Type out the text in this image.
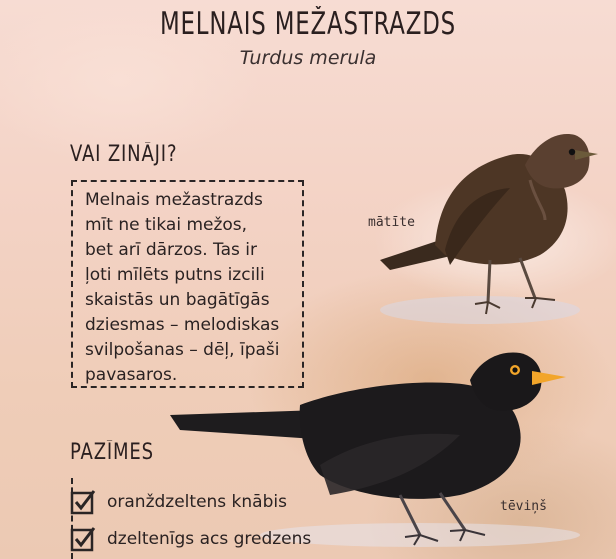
MELNAIS MEŽASTRAZDS
Turdus merula
mātīte
tēviņš
VAI ZINĀJI?

Melnais mežastrazds

mīt ne tikai mežos,

bet arī dārzos. Tas ir

ļoti mīlēts putns izcili

skaistās un bagātīgās

dziesmas – melodiskas

svilpošanas – dēļ, īpaši

pavasaros.

PAZĪMES
oranždzeltens knābis
dzeltenīgs acs gredzens
